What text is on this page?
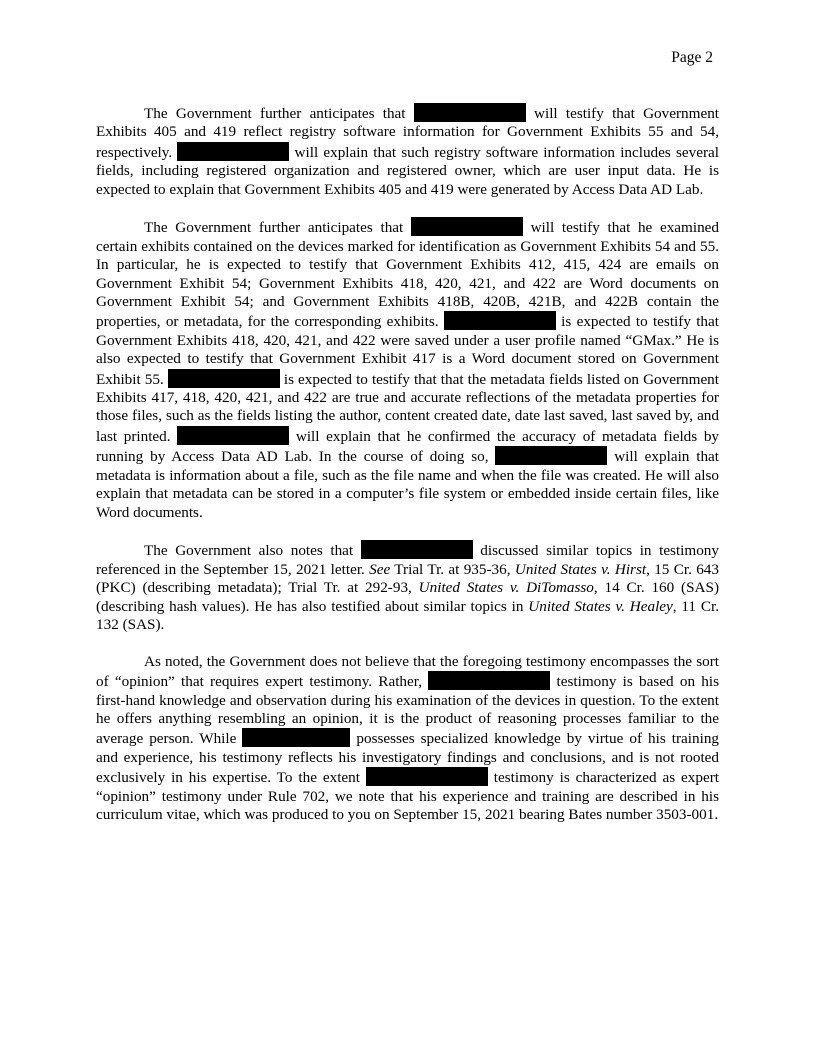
Page 2

The Government further anticipates that	will testify that Government Exhibits 405 and 419 reflect registry software information for Government Exhibits 55 and 54, respectively.	will explain that such registry software information includes several fields, including registered organization and registered owner, which are user input data. He is expected to explain that Government Exhibits 405 and 419 were generated by Access Data AD Lab.

The Government further anticipates that	will testify that he examined certain exhibits contained on the devices marked for identification as Government Exhibits 54 and 55. In particular, he is expected to testify that Government Exhibits 412, 415, 424 are emails on Government Exhibit 54; Government Exhibits 418, 420, 421, and 422 are Word documents on Government Exhibit 54; and Government Exhibits 418B, 420B, 421B, and 422B contain the properties, or metadata, for the corresponding exhibits.	is expected to testify that Government Exhibits 418, 420, 421, and 422 were saved under a user profile named “GMax.” He is also expected to testify that Government Exhibit 417 is a Word document stored on Government Exhibit 55.	is expected to testify that that the metadata fields listed on Government Exhibits 417, 418, 420, 421, and 422 are true and accurate reflections of the metadata properties for those files, such as the fields listing the author, content created date, date last saved, last saved by, and last printed.	will explain that he confirmed the accuracy of metadata fields by running by Access Data AD Lab. In the course of doing so,	will explain that metadata is information about a file, such as the file name and when the file was created. He will also explain that metadata can be stored in a computer’s file system or embedded inside certain files, like Word documents.

The Government also notes that	discussed similar topics in testimony referenced in the September 15, 2021 letter. See Trial Tr. at 935-36, United States v. Hirst, 15 Cr. 643 (PKC) (describing metadata); Trial Tr. at 292-93, United States v. DiTomasso, 14 Cr. 160 (SAS) (describing hash values). He has also testified about similar topics in United States v. Healey, 11 Cr. 132 (SAS).

As noted, the Government does not believe that the foregoing testimony encompasses the sort of “opinion” that requires expert testimony. Rather,	testimony is based on his first-hand knowledge and observation during his examination of the devices in question. To the extent he offers anything resembling an opinion, it is the product of reasoning processes familiar to the average person. While	possesses specialized knowledge by virtue of his training and experience, his testimony reflects his investigatory findings and conclusions, and is not rooted exclusively in his expertise. To the extent	testimony is characterized as expert “opinion” testimony under Rule 702, we note that his experience and training are described in his curriculum vitae, which was produced to you on September 15, 2021 bearing Bates number 3503-001.
